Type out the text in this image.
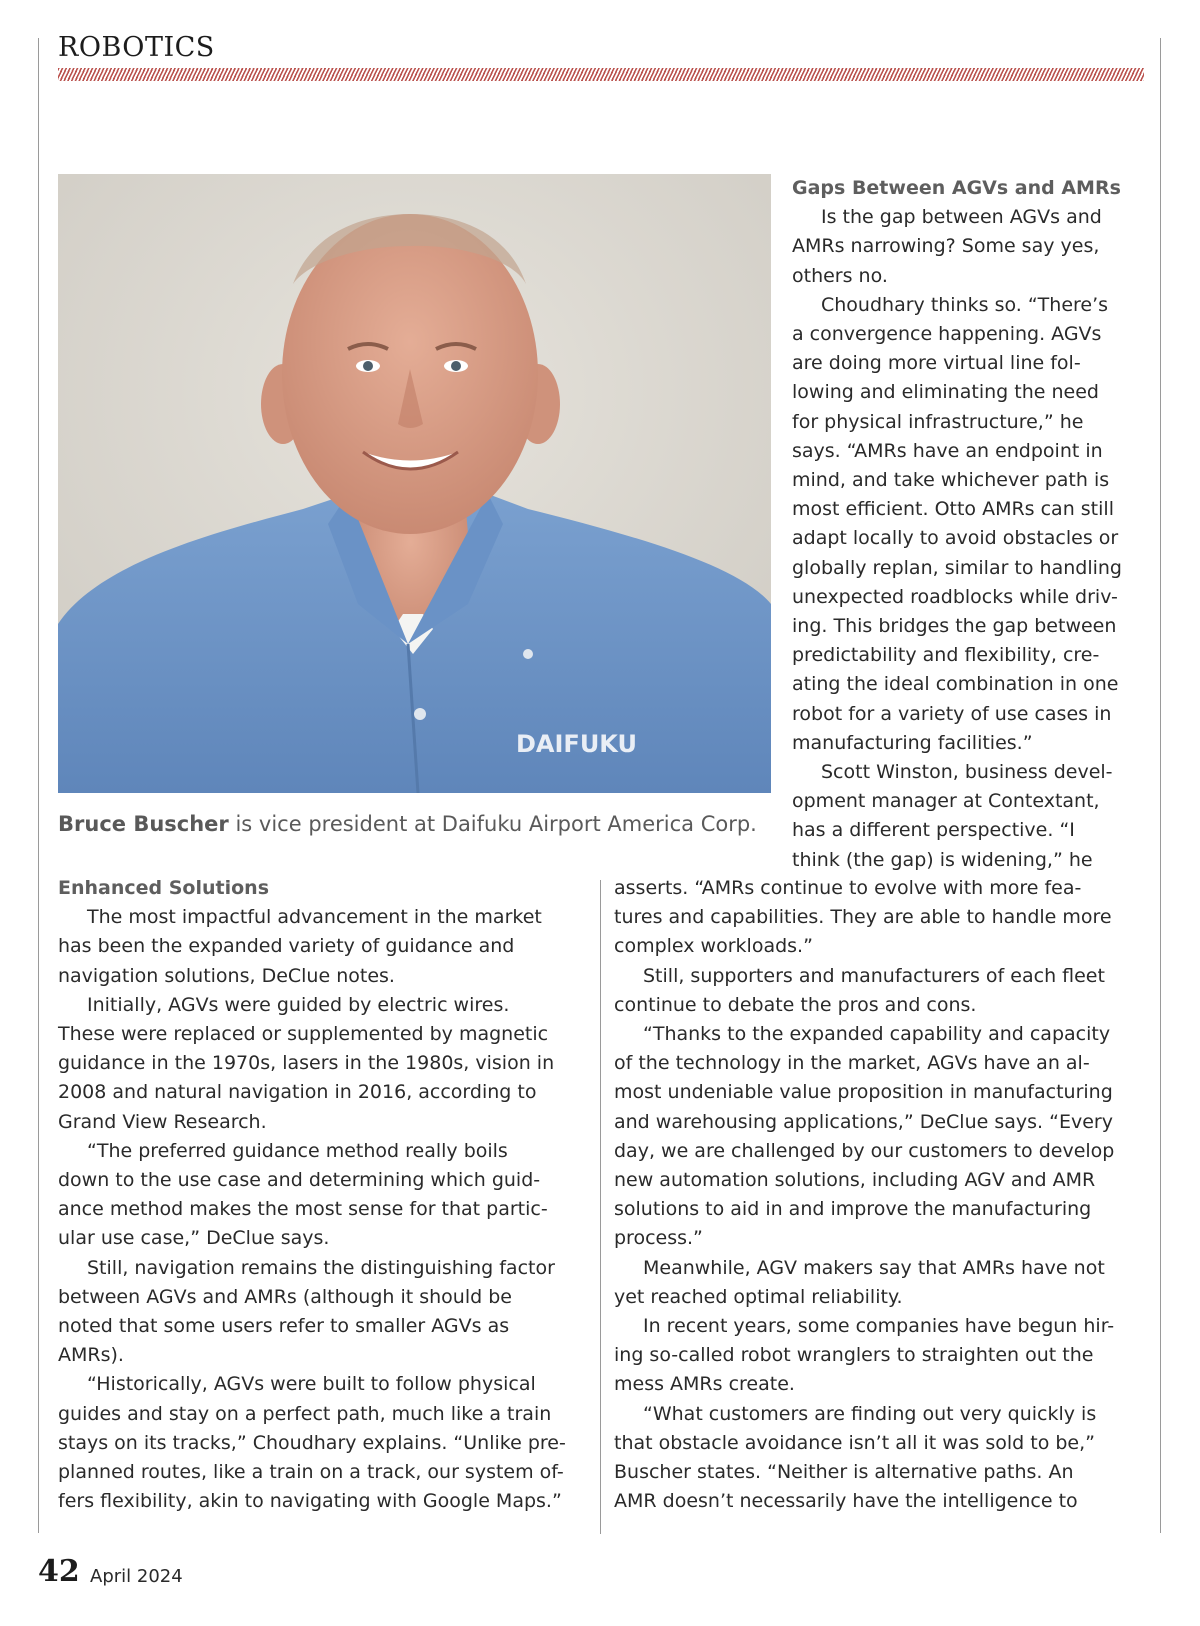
ROBOTICS
DAIFUKU
Bruce Buscher is vice president at Daifuku Airport America Corp.
Gaps Between AGVs and AMRs

Is the gap between AGVs and

AMRs narrowing? Some say yes,

others no.

Choudhary thinks so. “There’s

a convergence happening. AGVs

are doing more virtual line fol-

lowing and eliminating the need

for physical infrastructure,” he

says. “AMRs have an endpoint in

mind, and take whichever path is

most efficient. Otto AMRs can still

adapt locally to avoid obstacles or

globally replan, similar to handling

unexpected roadblocks while driv-

ing. This bridges the gap between

predictability and flexibility, cre-

ating the ideal combination in one

robot for a variety of use cases in

manufacturing facilities.”

Scott Winston, business devel-

opment manager at Contextant,

has a different perspective. “I

think (the gap) is widening,” he

Enhanced Solutions

The most impactful advancement in the market

has been the expanded variety of guidance and

navigation solutions, DeClue notes.

Initially, AGVs were guided by electric wires.

These were replaced or supplemented by magnetic

guidance in the 1970s, lasers in the 1980s, vision in

2008 and natural navigation in 2016, according to

Grand View Research.

“The preferred guidance method really boils

down to the use case and determining which guid-

ance method makes the most sense for that partic-

ular use case,” DeClue says.

Still, navigation remains the distinguishing factor

between AGVs and AMRs (although it should be

noted that some users refer to smaller AGVs as

AMRs).

“Historically, AGVs were built to follow physical

guides and stay on a perfect path, much like a train

stays on its tracks,” Choudhary explains. “Unlike pre-

planned routes, like a train on a track, our system of-

fers flexibility, akin to navigating with Google Maps.”

asserts. “AMRs continue to evolve with more fea-

tures and capabilities. They are able to handle more

complex workloads.”

Still, supporters and manufacturers of each fleet

continue to debate the pros and cons.

“Thanks to the expanded capability and capacity

of the technology in the market, AGVs have an al-

most undeniable value proposition in manufacturing

and warehousing applications,” DeClue says. “Every

day, we are challenged by our customers to develop

new automation solutions, including AGV and AMR

solutions to aid in and improve the manufacturing

process.”

Meanwhile, AGV makers say that AMRs have not

yet reached optimal reliability.

In recent years, some companies have begun hir-

ing so-called robot wranglers to straighten out the

mess AMRs create.

“What customers are finding out very quickly is

that obstacle avoidance isn’t all it was sold to be,”

Buscher states. “Neither is alternative paths. An

AMR doesn’t necessarily have the intelligence to

42 April 2024
